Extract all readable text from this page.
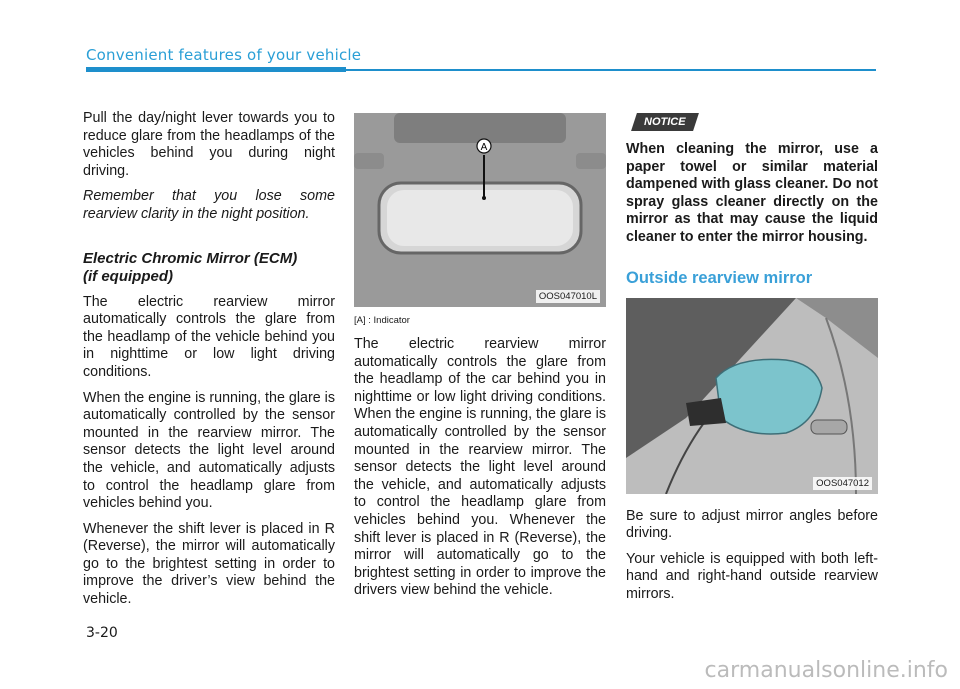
Convenient features of your vehicle

Pull the day/night lever towards you to reduce glare from the headlamps of the vehicles behind you during night driving.

Remember that you lose some rearview clarity in the night position.

Electric Chromic Mirror (ECM)
(if equipped)

The electric rearview mirror automatically controls the glare from the headlamp of the vehicle behind you in nighttime or low light driving conditions.

When the engine is running, the glare is automatically controlled by the sensor mounted in the rearview mirror. The sensor detects the light level around the vehicle, and automatically adjusts to control the headlamp glare from vehicles behind you.

Whenever the shift lever is placed in R (Reverse), the mirror will automatically go to the brightest setting in order to improve the driver’s view behind the vehicle.

A
OOS047010L
[A] : Indicator

The electric rearview mirror automatically controls the glare from the headlamp of the car behind you in nighttime or low light driving conditions. When the engine is running, the glare is automatically controlled by the sensor mounted in the rearview mirror. The sensor detects the light level around the vehicle, and automatically adjusts to control the headlamp glare from vehicles behind you. Whenever the shift lever is placed in R (Reverse), the mirror will automatically go to the brightest setting in order to improve the drivers view behind the vehicle.

NOTICE

When cleaning the mirror, use a paper towel or similar material dampened with glass cleaner. Do not spray glass cleaner directly on the mirror as that may cause the liquid cleaner to enter the mirror housing.

Outside rearview mirror
OOS047012

Be sure to adjust mirror angles before driving.

Your vehicle is equipped with both left-hand and right-hand outside rearview mirrors.

3-20
carmanualsonline.info
